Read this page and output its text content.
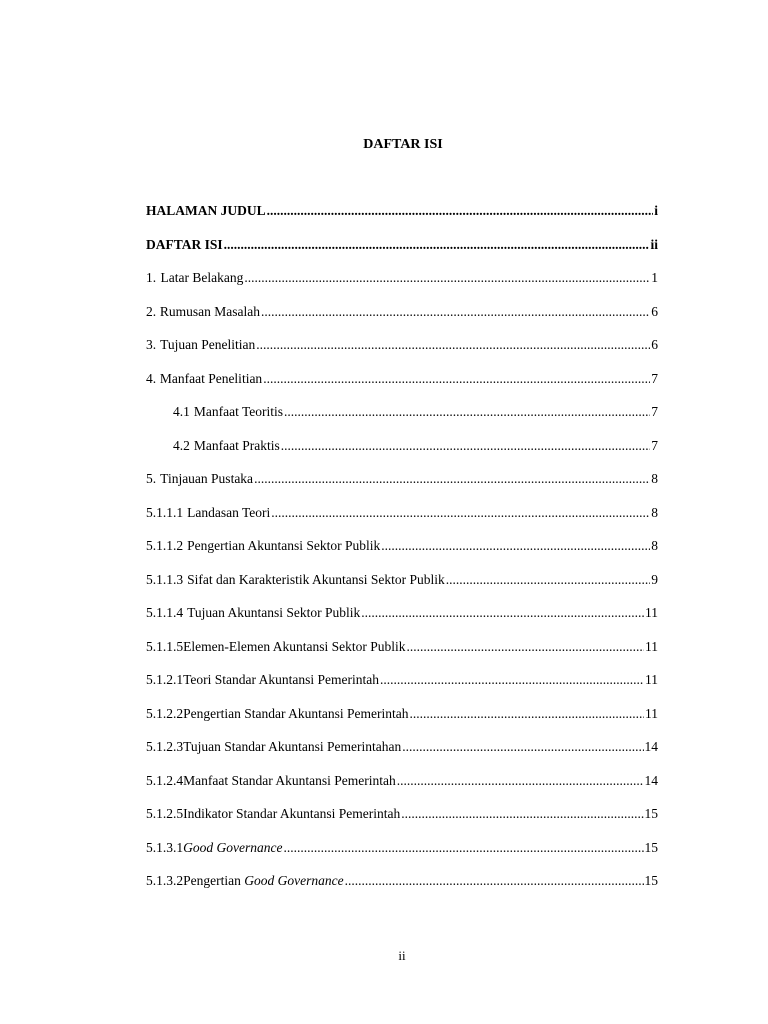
DAFTAR ISI
HALAMAN JUDUL .....	i
DAFTAR ISI .....	ii
1. Latar Belakang .....	1
2. Rumusan Masalah .....	6
3. Tujuan Penelitian .....	6
4. Manfaat Penelitian .....	7
4.1 Manfaat Teoritis .....	7
4.2 Manfaat Praktis .....	7
5. Tinjauan Pustaka .....	8
5.1.1.1 Landasan Teori .....	8
5.1.1.2 Pengertian Akuntansi Sektor Publik .....	8
5.1.1.3 Sifat dan Karakteristik Akuntansi Sektor Publik .....	9
5.1.1.4 Tujuan Akuntansi Sektor Publik .....	11
5.1.1.5 Elemen-Elemen Akuntansi Sektor Publik .....	11
5.1.2.1 Teori Standar Akuntansi Pemerintah .....	11
5.1.2.2 Pengertian Standar Akuntansi Pemerintah .....	11
5.1.2.3 Tujuan Standar Akuntansi Pemerintahan .....	14
5.1.2.4 Manfaat Standar Akuntansi Pemerintah .....	14
5.1.2.5 Indikator Standar Akuntansi Pemerintah .....	15
5.1.3.1 Good Governance .....	15
5.1.3.2 Pengertian Good Governance .....	15
ii
